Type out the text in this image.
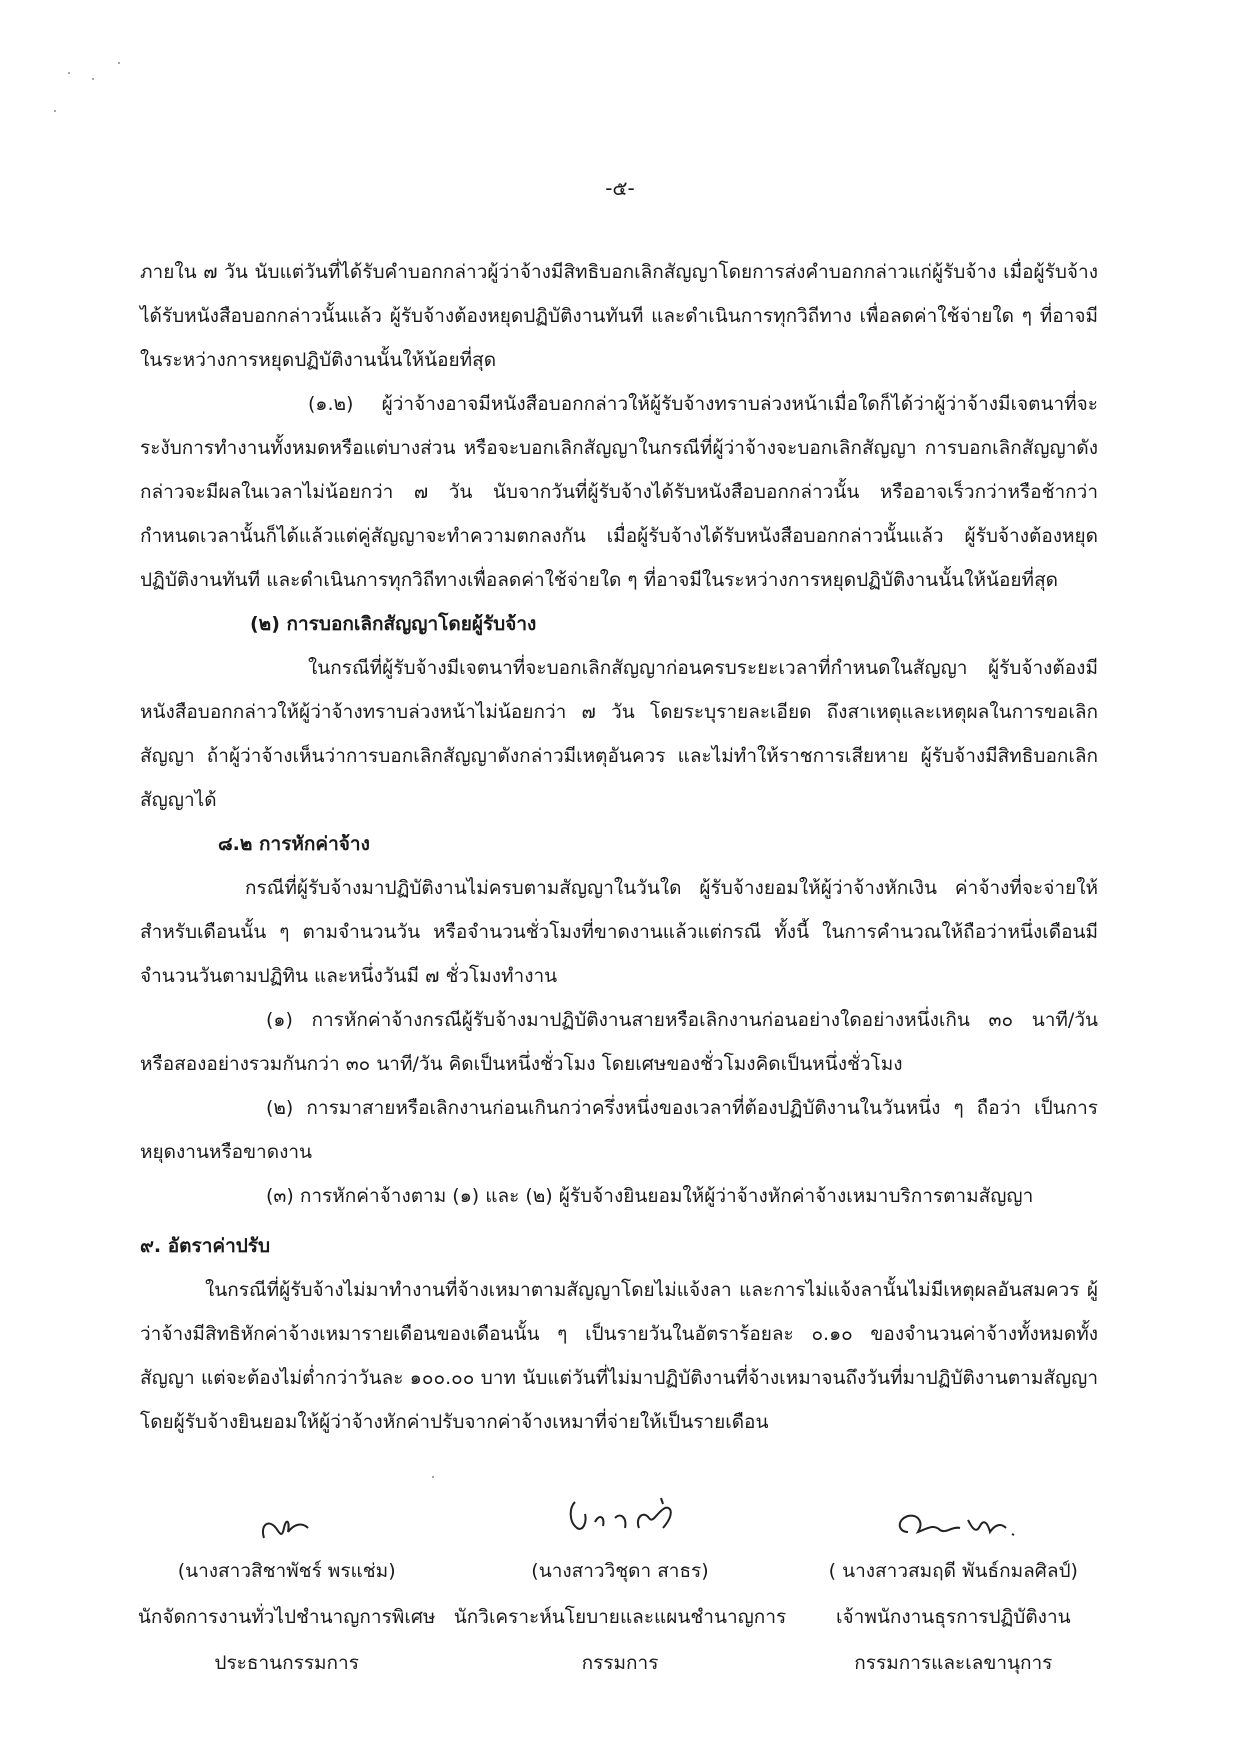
-๕-

ภายใน ๗ วัน นับแต่วันที่ได้รับคำบอกกล่าวผู้ว่าจ้างมีสิทธิบอกเลิกสัญญาโดยการส่งคำบอกกล่าวแก่ผู้รับจ้าง เมื่อผู้รับจ้างได้รับหนังสือบอกกล่าวนั้นแล้ว ผู้รับจ้างต้องหยุดปฏิบัติงานทันที และดำเนินการทุกวิถีทาง เพื่อลดค่าใช้จ่ายใด ๆ ที่อาจมีในระหว่างการหยุดปฏิบัติงานนั้นให้น้อยที่สุด

(๑.๒) ผู้ว่าจ้างอาจมีหนังสือบอกกล่าวให้ผู้รับจ้างทราบล่วงหน้าเมื่อใดก็ได้ว่าผู้ว่าจ้างมีเจตนาที่จะระงับการทำงานทั้งหมดหรือแต่บางส่วน หรือจะบอกเลิกสัญญาในกรณีที่ผู้ว่าจ้างจะบอกเลิกสัญญา การบอกเลิกสัญญาดังกล่าวจะมีผลในเวลาไม่น้อยกว่า ๗ วัน นับจากวันที่ผู้รับจ้างได้รับหนังสือบอกกล่าวนั้น หรืออาจเร็วกว่าหรือช้ากว่ากำหนดเวลานั้นก็ได้แล้วแต่คู่สัญญาจะทำความตกลงกัน เมื่อผู้รับจ้างได้รับหนังสือบอกกล่าวนั้นแล้ว ผู้รับจ้างต้องหยุดปฏิบัติงานทันที และดำเนินการทุกวิถีทางเพื่อลดค่าใช้จ่ายใด ๆ ที่อาจมีในระหว่างการหยุดปฏิบัติงานนั้นให้น้อยที่สุด

(๒) การบอกเลิกสัญญาโดยผู้รับจ้าง

ในกรณีที่ผู้รับจ้างมีเจตนาที่จะบอกเลิกสัญญาก่อนครบระยะเวลาที่กำหนดในสัญญา ผู้รับจ้างต้องมีหนังสือบอกกล่าวให้ผู้ว่าจ้างทราบล่วงหน้าไม่น้อยกว่า ๗ วัน โดยระบุรายละเอียด ถึงสาเหตุและเหตุผลในการขอเลิกสัญญา ถ้าผู้ว่าจ้างเห็นว่าการบอกเลิกสัญญาดังกล่าวมีเหตุอันควร และไม่ทำให้ราชการเสียหาย ผู้รับจ้างมีสิทธิบอกเลิกสัญญาได้

๘.๒ การหักค่าจ้าง

กรณีที่ผู้รับจ้างมาปฏิบัติงานไม่ครบตามสัญญาในวันใด ผู้รับจ้างยอมให้ผู้ว่าจ้างหักเงิน ค่าจ้างที่จะจ่ายให้สำหรับเดือนนั้น ๆ ตามจำนวนวัน หรือจำนวนชั่วโมงที่ขาดงานแล้วแต่กรณี ทั้งนี้ ในการคำนวณให้ถือว่าหนึ่งเดือนมีจำนวนวันตามปฏิทิน และหนึ่งวันมี ๗ ชั่วโมงทำงาน

(๑) การหักค่าจ้างกรณีผู้รับจ้างมาปฏิบัติงานสายหรือเลิกงานก่อนอย่างใดอย่างหนึ่งเกิน ๓๐ นาที/วัน หรือสองอย่างรวมกันกว่า ๓๐ นาที/วัน คิดเป็นหนึ่งชั่วโมง โดยเศษของชั่วโมงคิดเป็นหนึ่งชั่วโมง

(๒) การมาสายหรือเลิกงานก่อนเกินกว่าครึ่งหนึ่งของเวลาที่ต้องปฏิบัติงานในวันหนึ่ง ๆ ถือว่า เป็นการหยุดงานหรือขาดงาน

(๓) การหักค่าจ้างตาม (๑) และ (๒) ผู้รับจ้างยินยอมให้ผู้ว่าจ้างหักค่าจ้างเหมาบริการตามสัญญา

๙. อัตราค่าปรับ

ในกรณีที่ผู้รับจ้างไม่มาทำงานที่จ้างเหมาตามสัญญาโดยไม่แจ้งลา และการไม่แจ้งลานั้นไม่มีเหตุผลอันสมควร ผู้ว่าจ้างมีสิทธิหักค่าจ้างเหมารายเดือนของเดือนนั้น ๆ เป็นรายวันในอัตราร้อยละ ๐.๑๐ ของจำนวนค่าจ้างทั้งหมดทั้งสัญญา แต่จะต้องไม่ต่ำกว่าวันละ ๑๐๐.๐๐ บาท นับแต่วันที่ไม่มาปฏิบัติงานที่จ้างเหมาจนถึงวันที่มาปฏิบัติงานตามสัญญา โดยผู้รับจ้างยินยอมให้ผู้ว่าจ้างหักค่าปรับจากค่าจ้างเหมาที่จ่ายให้เป็นรายเดือน

(นางสาวสิชาพัชร์ พรแช่ม)
นักจัดการงานทั่วไปชำนาญการพิเศษ
ประธานกรรมการ
(นางสาววิชุดา สาธร)
นักวิเคราะห์นโยบายและแผนชำนาญการ
กรรมการ
( นางสาวสมฤดี พันธ์กมลศิลป์)
เจ้าพนักงานธุรการปฏิบัติงาน
กรรมการและเลขานุการ
